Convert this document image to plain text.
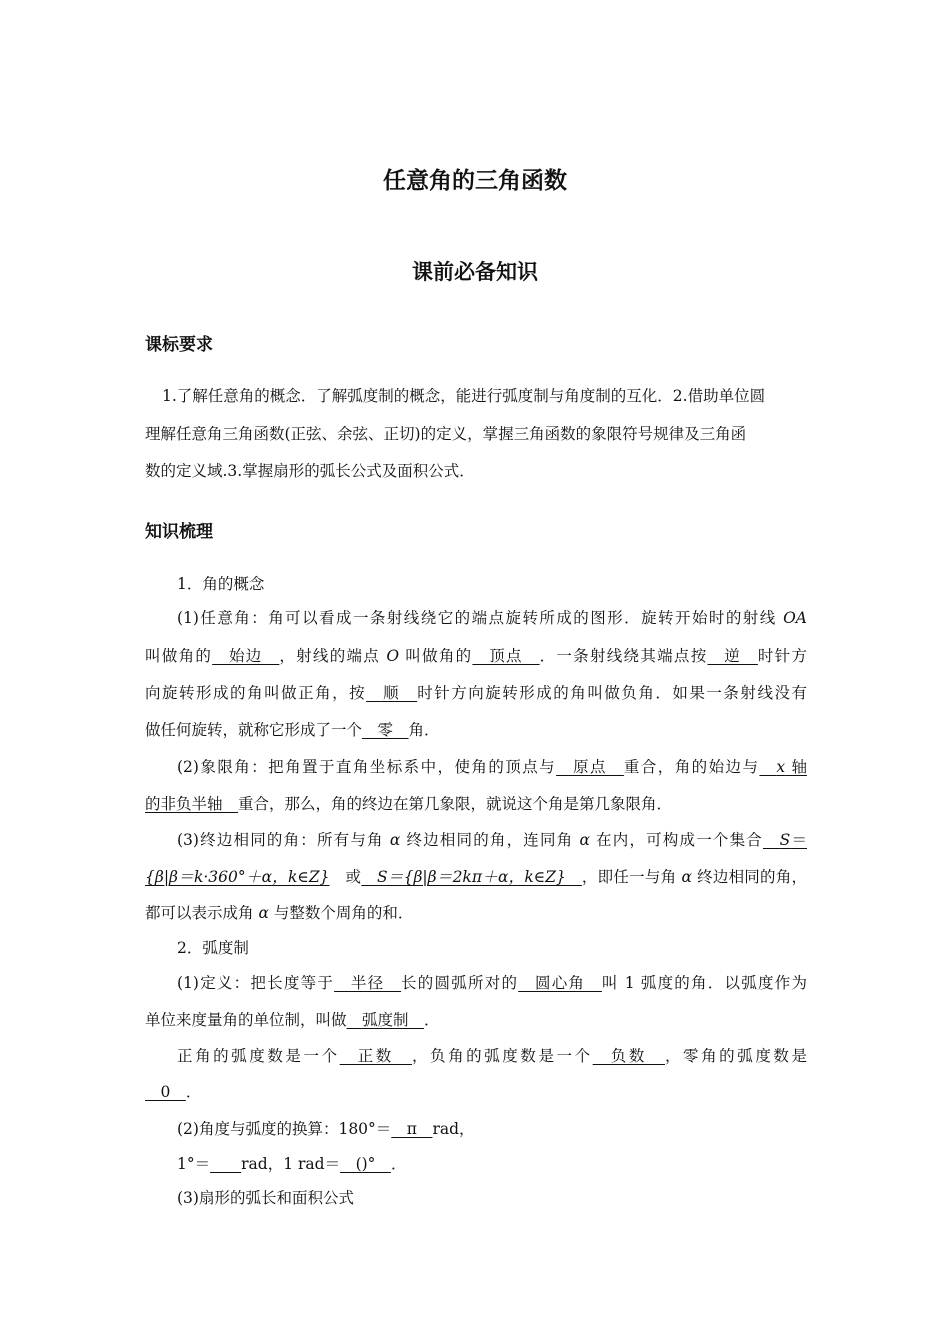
任意角的三角函数
课前必备知识
课标要求
1.了解任意角的概念．了解弧度制的概念，能进行弧度制与角度制的互化．2.借助单位圆
理解任意角三角函数(正弦、余弦、正切)的定义，掌握三角函数的象限符号规律及三角函
数的定义域.3.掌握扇形的弧长公式及面积公式．
知识梳理
1．角的概念
(1)任意角：角可以看成一条射线绕它的端点旋转所成的图形．旋转开始时的射线 OA
叫做角的　始边　，射线的端点 O 叫做角的　顶点　．一条射线绕其端点按　逆　时针方
向旋转形成的角叫做正角，按　顺　时针方向旋转形成的角叫做负角．如果一条射线没有
做任何旋转，就称它形成了一个　零　角．
(2)象限角：把角置于直角坐标系中，使角的顶点与　原点　重合，角的始边与　 x 轴
的非负半轴　重合，那么，角的终边在第几象限，就说这个角是第几象限角．
(3)终边相同的角：所有与角 α 终边相同的角，连同角 α 在内，可构成一个集合　 S＝
{β|β＝k·360°＋α，k∈Z}　或　S＝{β|β＝2kπ＋α，k∈Z}　，即任一与角 α 终边相同的角，
都可以表示成角 α 与整数个周角的和．
2．弧度制
(1)定义：把长度等于　半径　长的圆弧所对的　圆心角　叫 1 弧度的角．以弧度作为
单位来度量角的单位制，叫做　弧度制　．
正角的弧度数是一个　正数　，负角的弧度数是一个　负数　，零角的弧度数是
　0　．
(2)角度与弧度的换算：180°＝　π　rad，
1°＝　　 rad，1 rad＝　()°　．
(3)扇形的弧长和面积公式
